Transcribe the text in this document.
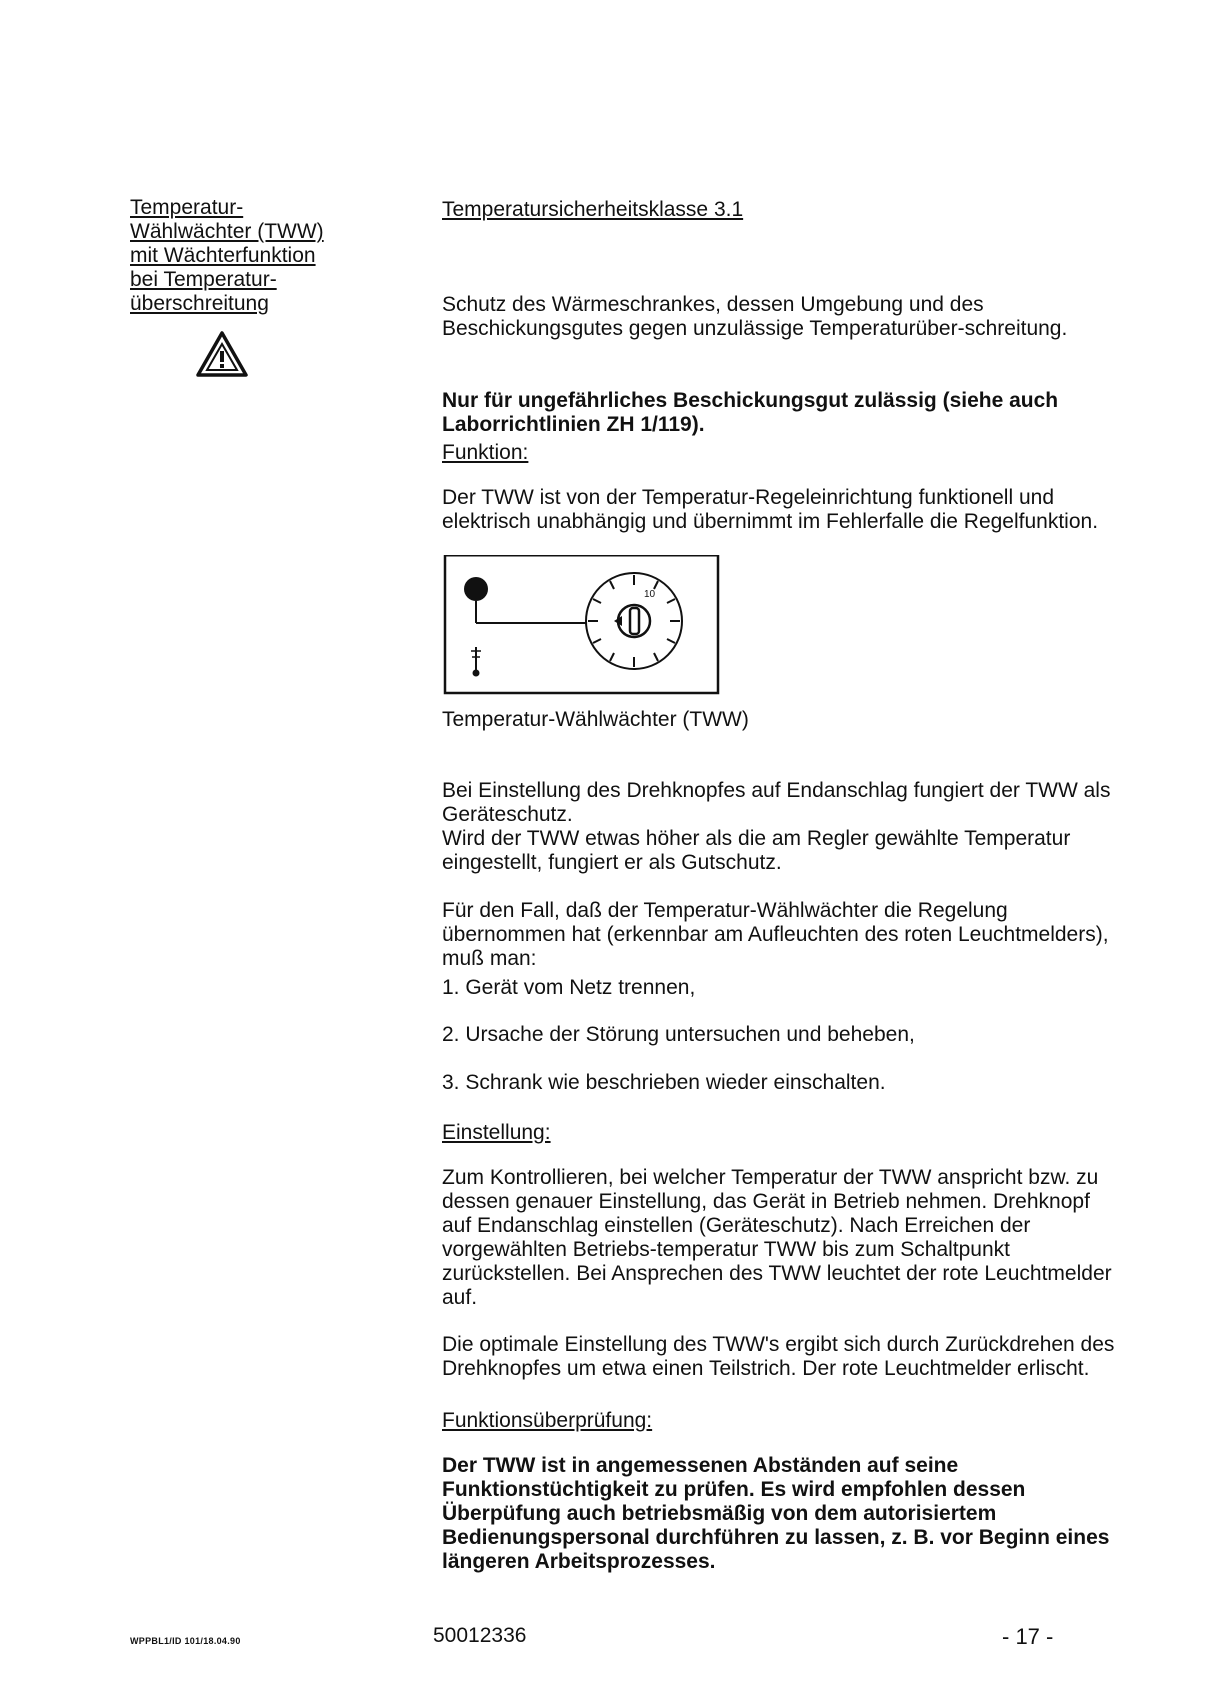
Temperatur-
Wählwächter (TWW)
mit Wächterfunktion
bei Temperatur-
überschreitung
Temperatursicherheitsklasse 3.1

Schutz des Wärmeschrankes, dessen Umgebung und des Beschickungsgutes gegen unzulässige Temperaturüber-schreitung.

Nur für ungefährliches Beschickungsgut zulässig (siehe auch Laborrichtlinien ZH 1/119).

Funktion:

Der TWW ist von der Temperatur-Regeleinrichtung funktionell und elektrisch unabhängig und übernimmt im Fehlerfalle die Regelfunktion.

10
Temperatur-Wählwächter (TWW)

Bei Einstellung des Drehknopfes auf Endanschlag fungiert der TWW als Geräteschutz.

Wird der TWW etwas höher als die am Regler gewählte Temperatur eingestellt, fungiert er als Gutschutz.

Für den Fall, daß der Temperatur-Wählwächter die Regelung übernommen hat (erkennbar am Aufleuchten des roten Leuchtmelders), muß man:

1. Gerät vom Netz trennen,
2. Ursache der Störung untersuchen und beheben,
3. Schrank wie beschrieben wieder einschalten.
Einstellung:

Zum Kontrollieren, bei welcher Temperatur der TWW anspricht bzw. zu dessen genauer Einstellung, das Gerät in Betrieb nehmen. Drehknopf auf Endanschlag einstellen (Geräteschutz). Nach Erreichen der vorgewählten Betriebs-temperatur TWW bis zum Schaltpunkt zurückstellen. Bei Ansprechen des TWW leuchtet der rote Leuchtmelder auf.

Die optimale Einstellung des TWW's ergibt sich durch Zurückdrehen des Drehknopfes um etwa einen Teilstrich. Der rote Leuchtmelder erlischt.

Funktionsüberprüfung:

Der TWW ist in angemessenen Abständen auf seine Funktionstüchtigkeit zu prüfen. Es wird empfohlen dessen Überpüfung auch betriebsmäßig von dem autorisiertem Bedienungspersonal durchführen zu lassen, z. B. vor Beginn eines längeren Arbeitsprozesses.

WPPBL1/ID 101/18.04.90	50012336	- 17 -
